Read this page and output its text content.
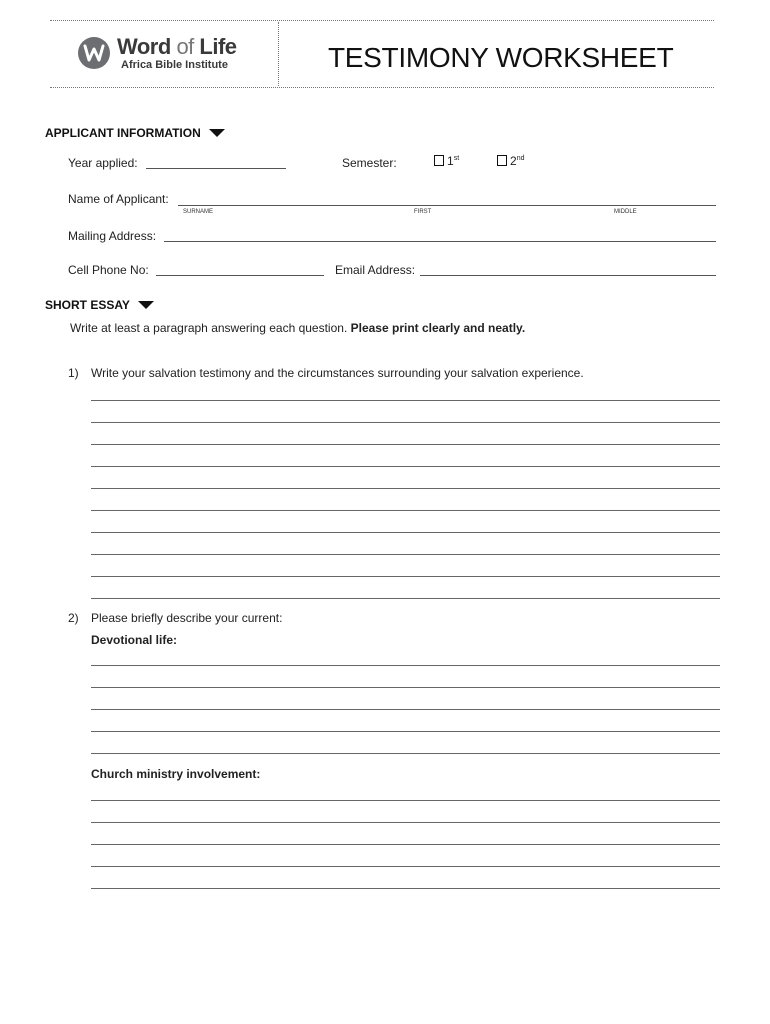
Word of Life
Africa Bible Institute	TESTIMONY WORKSHEET
APPLICANT INFORMATION
Year applied:	Semester:	1st	2nd
Name of Applicant:
SURNAME	FIRST	MIDDLE
Mailing Address:
Cell Phone No:	Email Address:
SHORT ESSAY
Write at least a paragraph answering each question. Please print clearly and neatly.
1) Write your salvation testimony and the circumstances surrounding your salvation experience.
2) Please briefly describe your current:
Devotional life:
Church ministry involvement:
